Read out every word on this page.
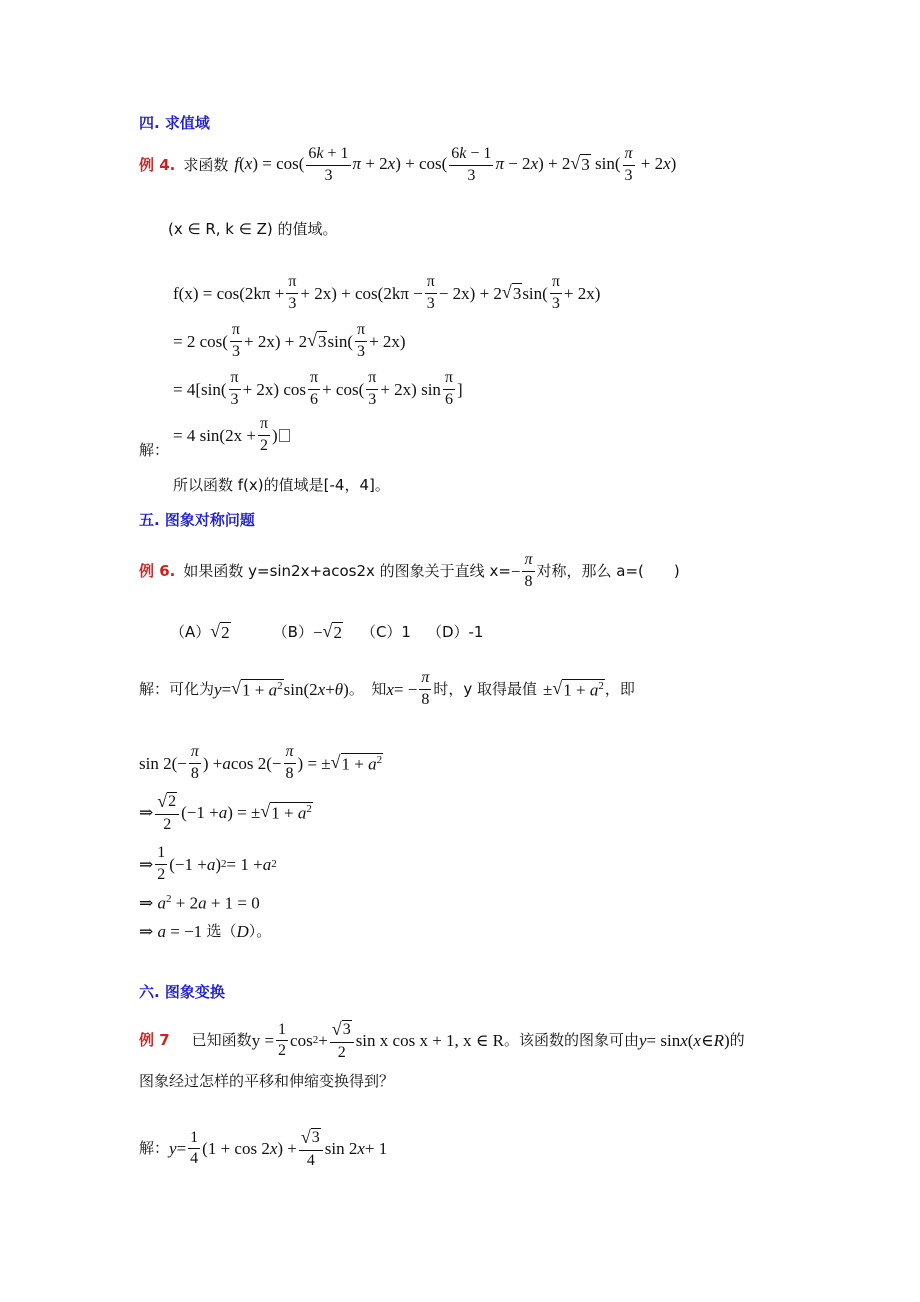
四. 求值域
例 4. 求函数 $f(x) = \cos( \frac{6k + 1}{3}$ $\pi + 2x) + \cos( \frac{6k - 1}{3}$ π − 2x) + 2 √ 3 $\sin( \frac{\pi}{3} + 2x)$
(x ∈ R, k ∈ Z) 的值域。
$f(x) = \cos(2k\pi + \frac{\pi}{3} + 2x) + \cos(2k\pi - \frac{\pi}{3} - 2x) + 2$ √ 3 $\sin( \frac{\pi}{3} + 2x)$
= 2 $\cos( \frac{\pi}{3} + 2x) + 2$ √ 3 $\sin( \frac{\pi}{3} + 2x)$
= $4[\sin( \frac{\pi}{3} + 2x)$ $\cos \frac{\pi}{6} + \cos( \frac{\pi}{3} + 2x)$ $\sin \frac{\pi}{6}$ ]
= 4 $\sin(2x + \frac{\pi}{2}$ )
解：
所以函数 f(x)的值域是[-4，4]。
五. 图象对称问题
例 6. 如果函数 y=sin2x+acos2x 的图象关于直线 $x= - \frac{\pi}{8}$ 对称，那么 a=(　　)
（A） √ 2	（B） − √ 2 （C）1 （D）-1
解：可化为 y = √ $1 + a^2$ sin(2 x + θ ) 。　知 x = − $\frac{\pi}{8}$ 时，y 取得最值 ± √ $1 + a^2$ ，即
$\sin 2(- \frac{\pi}{8}$ ) + a $\cos 2(- \frac{\pi}{8}$ ) = ± √ $1 + a^2$
⇒ $\frac{√ 2}{2} (-1 + a$ ) = ± √ $1 + a^2$
⇒ $\frac{1}{2} (-1 + a$ ) 2 = 1 + a 2
⇒ $a^2 + 2a + 1 = 0$
⇒ a = −1 选（ D ）。
六. 图象变换
例 7 已知函数 $y = \frac{1}{2}$ $\cos 2 + \frac{√ 3}{2}$ sin x cos x + 1, x ∈ R 。该函数的图象可由 y = sin x ( x ∈ R ) 的
图象经过怎样的平移和伸缩变换得到？
解： $y = \frac{1}{4} (1 + \cos 2$ x ) + $\frac{√ 3}{4}$ sin 2 x + 1
